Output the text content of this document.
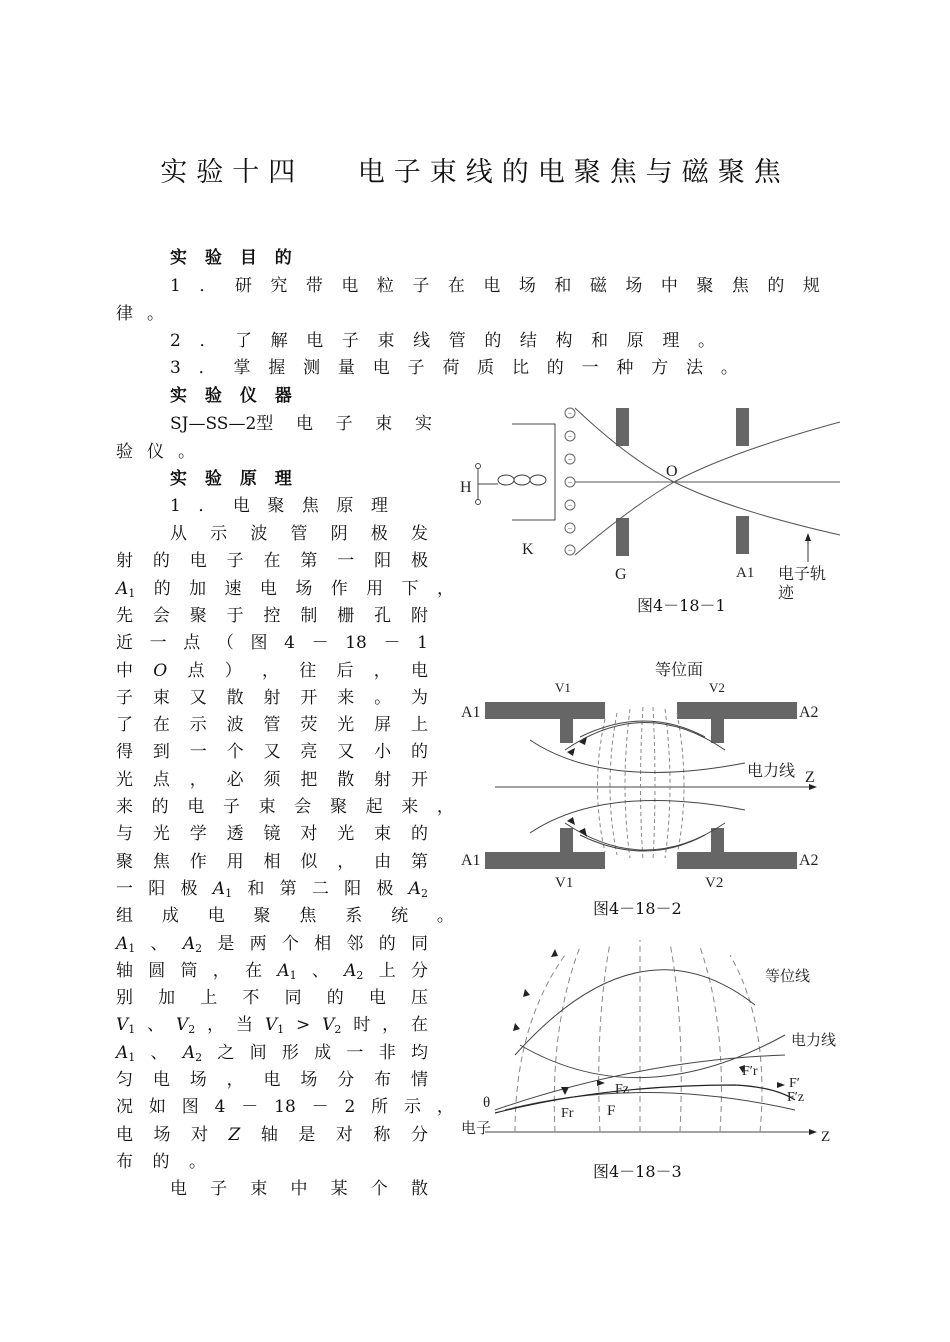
实验十四　 电子束线的电聚焦与磁聚焦
实 验 目 的
1 ． 研 究 带 电 粒 子 在 电 场 和 磁 场 中 聚 焦 的 规
律。
2 ． 了 解 电 子 束 线 管 的 结 构 和 原 理 。
3 ． 掌 握 测 量 电 子 荷 质 比 的 一 种 方 法 。
实 验 仪 器
SJ—SS—2型 电 子 束 实
验仪。
实 验 原 理
1 ． 电 聚 焦 原 理
从 示 波 管 阴 极 发
射 的 电 子 在 第 一 阳 极
$A_1$ 的 加 速 电 场 作 用 下 ，
先 会 聚 于 控 制 栅 孔 附
近 一 点 （ 图 4 － 18 － 1
中 O 点 ） ， 往 后 ， 电
子 束 又 散 射 开 来 。 为
了 在 示 波 管 荧 光 屏 上
得 到 一 个 又 亮 又 小 的
光 点 ， 必 须 把 散 射 开
来 的 电 子 束 会 聚 起 来 ，
与 光 学 透 镜 对 光 束 的
聚 焦 作 用 相 似 ， 由 第
一 阳 极 $A_1$ 和 第 二 阳 极 $A_2$
组 成 电 聚 焦 系 统 。
$A_1$ 、 $A_2$ 是 两 个 相 邻 的 同
轴 圆 筒 ， 在 $A_1$ 、 $A_2$ 上 分
别 加 上 不 同 的 电 压
$V_1$ 、 $V_2$ ， 当 $V_1 > V_2$ 时 ， 在
$A_1$ 、 $A_2$ 之 间 形 成 一 非 均
匀 电 场 ， 电 场 分 布 情
况 如 图 4 － 18 － 2 所 示 ，
电 场 对 Z 轴 是 对 称 分
布 的 。
电 子 束 中 某 个 散
−
−
−
−
−
−
−
H
K
O
G	A1 电子轨
迹
图4－18－1
等位面
V1	V2
A1	A2
电力线 Z
A1	A2
V1	V2
图4－18－2
等位线
电力线
F′r
F′
F′z
Fz
Fr F
θ
电子	Z
图4－18－3
